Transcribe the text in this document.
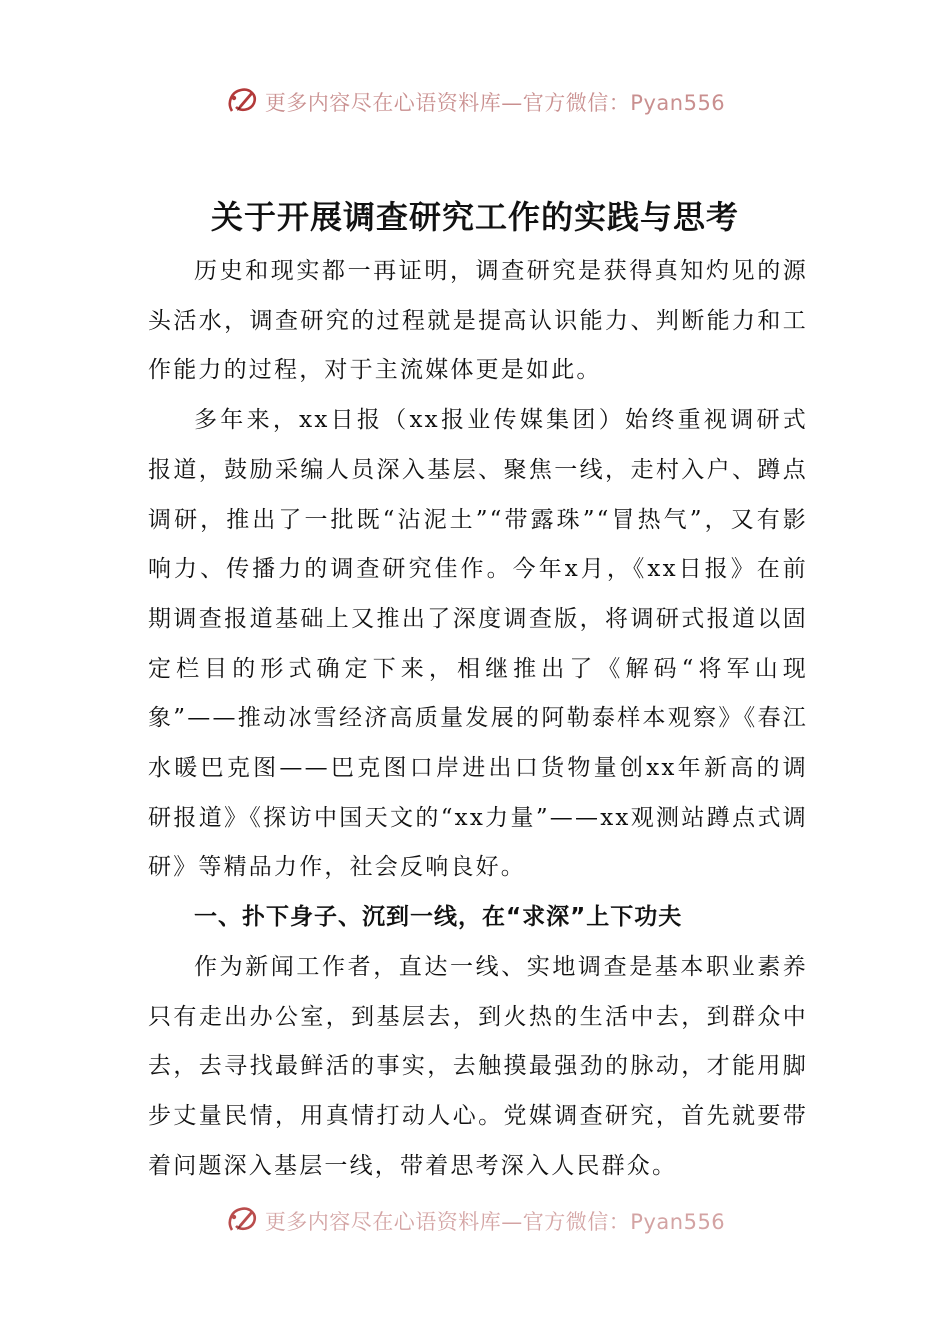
更多内容尽在心语资料库—官方微信：Pyan556
关于开展调查研究工作的实践与思考

历史和现实都一再证明，调查研究是获得真知灼见的源头活水，调查研究的过程就是提高认识能力、判断能力和工作能力的过程，对于主流媒体更是如此。

多年来，xx日报（xx报业传媒集团）始终重视调研式报道，鼓励采编人员深入基层、聚焦一线，走村入户、蹲点调研，推出了一批既“沾泥土”“带露珠”“冒热气”，又有影响力、传播力的调查研究佳作。今年x月，《xx日报》在前期调查报道基础上又推出了深度调查版，将调研式报道以固定栏目的形式确定下来，相继推出了《解码“将军山现象”——推动冰雪经济高质量发展的阿勒泰样本观察》《春江水暖巴克图——巴克图口岸进出口货物量创xx年新高的调研报道》《探访中国天文的“xx力量”——xx观测站蹲点式调研》等精品力作，社会反响良好。

一、扑下身子、沉到一线，在“求深”上下功夫

作为新闻工作者，直达一线、实地调查是基本职业素养只有走出办公室，到基层去，到火热的生活中去，到群众中去，去寻找最鲜活的事实，去触摸最强劲的脉动，才能用脚步丈量民情，用真情打动人心。党媒调查研究，首先就要带着问题深入基层一线，带着思考深入人民群众。

更多内容尽在心语资料库—官方微信：Pyan556
